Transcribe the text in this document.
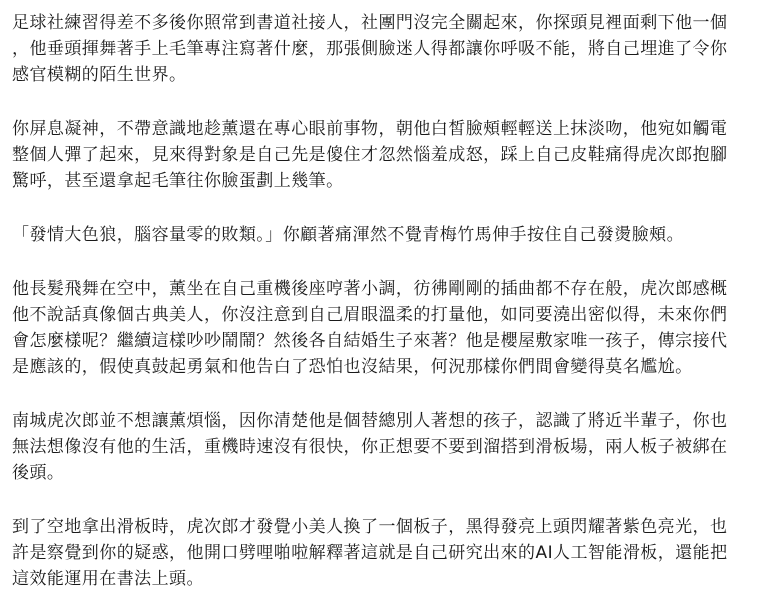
足球社練習得差不多後你照常到書道社接人，社團門沒完全關起來，你探頭見裡面剩下他一個
，他垂頭揮舞著手上毛筆專注寫著什麼，那張側臉迷人得都讓你呼吸不能，將自己埋進了令你
感官模糊的陌生世界。

你屏息凝神，不帶意識地趁薰還在專心眼前事物，朝他白皙臉頰輕輕送上抹淡吻，他宛如觸電
整個人彈了起來，見來得對象是自己先是傻住才忽然惱羞成怒，踩上自己皮鞋痛得虎次郎抱腳
驚呼，甚至還拿起毛筆往你臉蛋劃上幾筆。

「發情大色狼，腦容量零的敗類。」你顧著痛渾然不覺青梅竹馬伸手按住自己發燙臉頰。

他長髮飛舞在空中，薰坐在自己重機後座哼著小調，彷彿剛剛的插曲都不存在般，虎次郎感概
他不說話真像個古典美人，你沒注意到自己眉眼溫柔的打量他，如同要澆出密似得，未來你們
會怎麼樣呢？繼續這樣吵吵鬧鬧？然後各自結婚生子來著？他是櫻屋敷家唯一孩子，傳宗接代
是應該的，假使真鼓起勇氣和他告白了恐怕也沒結果，何況那樣你們間會變得莫名尷尬。

南城虎次郎並不想讓薰煩惱，因你清楚他是個替總別人著想的孩子，認識了將近半輩子，你也
無法想像沒有他的生活，重機時速沒有很快，你正想要不要到溜搭到滑板場，兩人板子被綁在
後頭。

到了空地拿出滑板時，虎次郎才發覺小美人換了一個板子，黑得發亮上頭閃耀著紫色亮光，也
許是察覺到你的疑惑，他開口劈哩啪啦解釋著這就是自己研究出來的AI人工智能滑板，還能把
這效能運用在書法上頭。
